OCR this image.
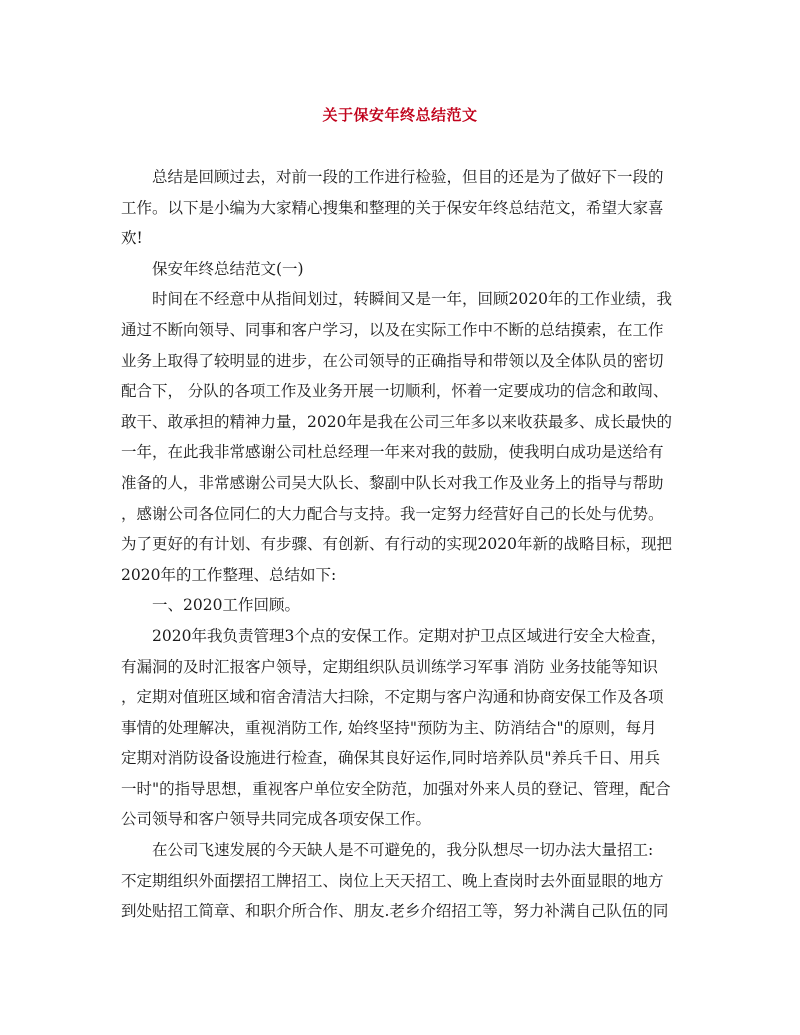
关于保安年终总结范文
总结是回顾过去，对前一段的工作进行检验，但目的还是为了做好下一段的
工作。以下是小编为大家精心搜集和整理的关于保安年终总结范文，希望大家喜
欢!
保安年终总结范文(一)
时间在不经意中从指间划过，转瞬间又是一年，回顾2020年的工作业绩，我
通过不断向领导、同事和客户学习，以及在实际工作中不断的总结摸索，在工作
业务上取得了较明显的进步，在公司领导的正确指导和带领以及全体队员的密切
配合下， 分队的各项工作及业务开展一切顺利，怀着一定要成功的信念和敢闯、
敢干、敢承担的精神力量，2020年是我在公司三年多以来收获最多、成长最快的
一年，在此我非常感谢公司杜总经理一年来对我的鼓励，使我明白成功是送给有
准备的人，非常感谢公司吴大队长、黎副中队长对我工作及业务上的指导与帮助
，感谢公司各位同仁的大力配合与支持。我一定努力经营好自己的长处与优势。
为了更好的有计划、有步骤、有创新、有行动的实现2020年新的战略目标，现把
2020年的工作整理、总结如下:
一、2020工作回顾。
2020年我负责管理3个点的安保工作。定期对护卫点区域进行安全大检查，
有漏洞的及时汇报客户领导，定期组织队员训练学习军事 消防 业务技能等知识
，定期对值班区域和宿舍清洁大扫除，不定期与客户沟通和协商安保工作及各项
事情的处理解决，重视消防工作, 始终坚持"预防为主、防消结合"的原则，每月
定期对消防设备设施进行检查，确保其良好运作,同时培养队员"养兵千日、用兵
一时"的指导思想，重视客户单位安全防范，加强对外来人员的登记、管理，配合
公司领导和客户领导共同完成各项安保工作。
在公司飞速发展的今天缺人是不可避免的，我分队想尽一切办法大量招工:
不定期组织外面摆招工牌招工、岗位上天天招工、晚上查岗时去外面显眼的地方
到处贴招工简章、和职介所合作、朋友.老乡介绍招工等，努力补满自己队伍的同
